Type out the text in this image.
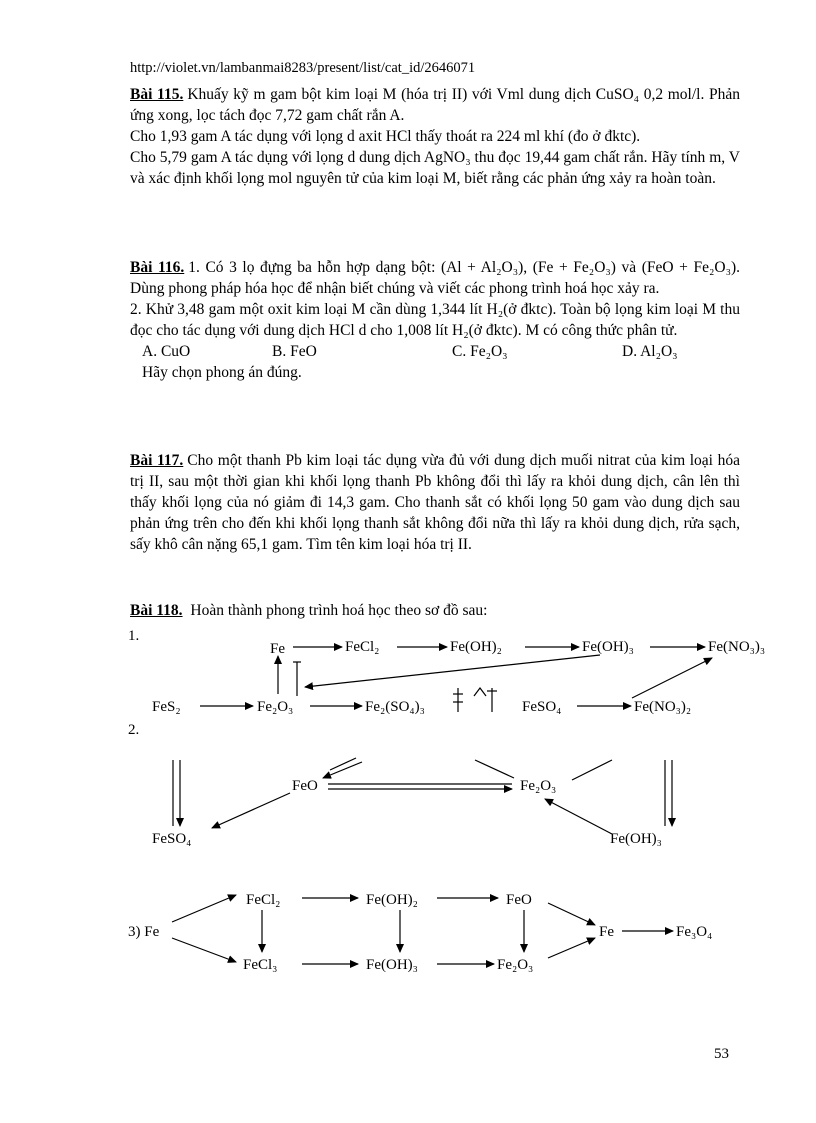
http://violet.vn/lambanmai8283/present/list/cat_id/2646071

Bài 115. Khuấy kỹ m gam bột kim loại M (hóa trị II) với Vml dung dịch CuSO₄ 0,2 mol/l. Phản ứng xong, lọc tách đọc 7,72 gam chất rắn A.

Cho 1,93 gam A tác dụng với lọng d axit HCl thấy thoát ra 224 ml khí (đo ở đktc).

Cho 5,79 gam A tác dụng với lọng d dung dịch AgNO₃ thu đọc 19,44 gam chất rắn. Hãy tính m, V và xác định khối lọng mol nguyên tử của kim loại M, biết rằng các phản ứng xảy ra hoàn toàn.

Bài 116. 1. Có 3 lọ đựng ba hỗn hợp dạng bột: (Al + Al₂O₃), (Fe + Fe₂O₃) và (FeO + Fe₂O₃). Dùng phong pháp hóa học để nhận biết chúng và viết các phong trình hoá học xảy ra.

2. Khử 3,48 gam một oxit kim loại M cần dùng 1,344 lít H₂(ở đktc). Toàn bộ lọng kim loại M thu đọc cho tác dụng với dung dịch HCl d cho 1,008 lít H₂(ở đktc). M có công thức phân tử.

A. CuO	B. FeO	C. Fe₂O₃	D. Al₂O₃

Hãy chọn phong án đúng.

Bài 117. Cho một thanh Pb kim loại tác dụng vừa đủ với dung dịch muối nitrat của kim loại hóa trị II, sau một thời gian khi khối lọng thanh Pb không đổi thì lấy ra khỏi dung dịch, cân lên thì thấy khối lọng của nó giảm đi 14,3 gam. Cho thanh sắt có khối lọng 50 gam vào dung dịch sau phản ứng trên cho đến khi khối lọng thanh sắt không đổi nữa thì lấy ra khỏi dung dịch, rửa sạch, sấy khô cân nặng 65,1 gam. Tìm tên kim loại hóa trị II.

Bài 118. Hoàn thành phong trình hoá học theo sơ đồ sau:

1.
Fe	FeCl₂	Fe(OH)₂	Fe(OH)₃	Fe(NO₃)₃
FeS₂	Fe₂O₃	Fe₂(SO₄)₃	FeSO₄	Fe(NO₃)₂
2.
FeO	Fe₂O₃
FeSO₄	Fe(OH)₃
3) Fe
FeCl₂	Fe(OH)₂	FeO
FeCl₃	Fe(OH)₃	Fe₂O₃
Fe	Fe₃O₄
53
